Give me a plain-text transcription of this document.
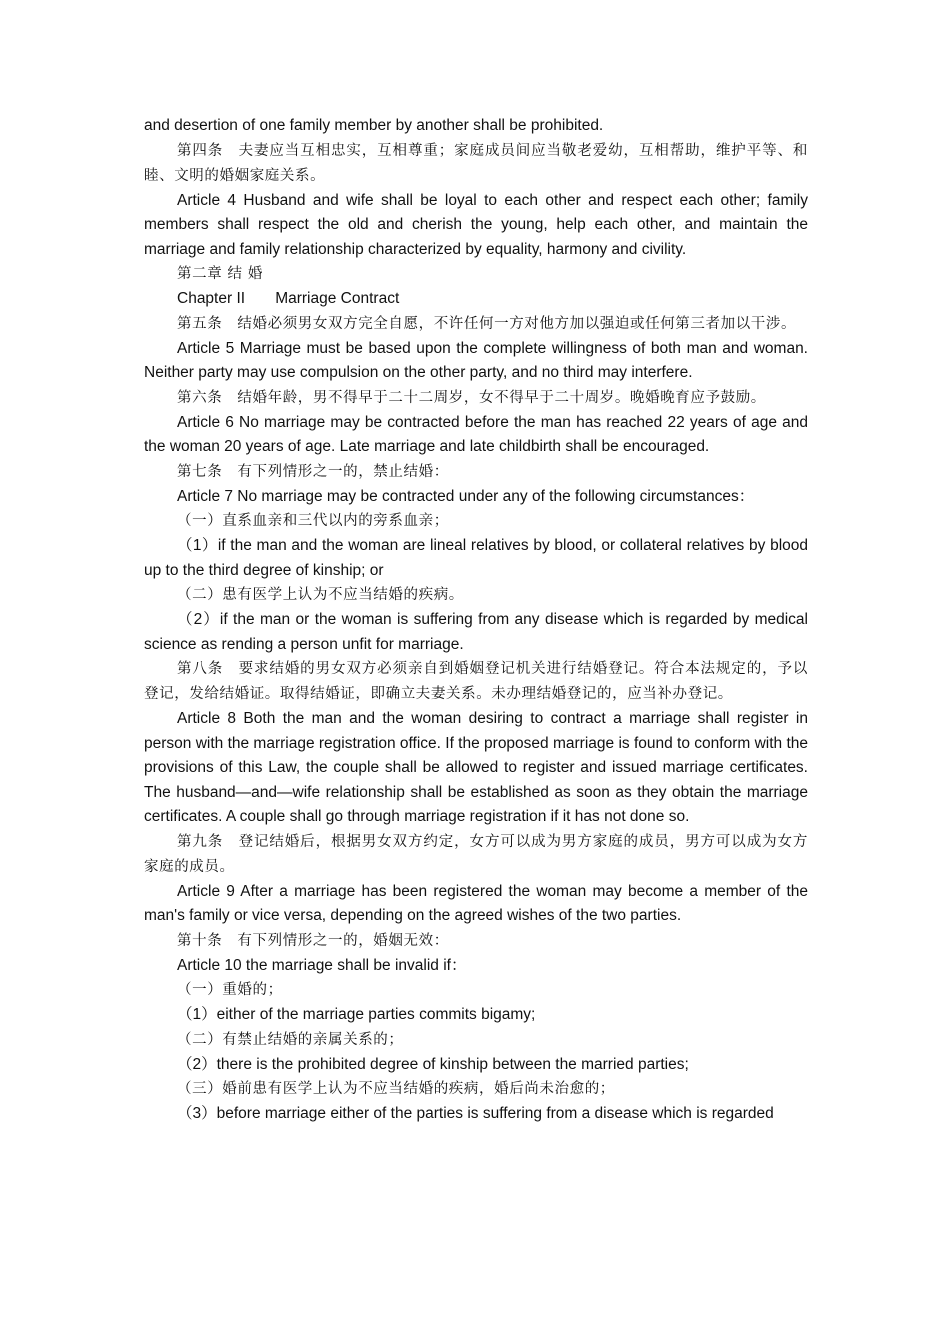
and desertion of one family member by another shall be prohibited.

第四条　夫妻应当互相忠实，互相尊重；家庭成员间应当敬老爱幼，互相帮助，维护平等、和睦、文明的婚姻家庭关系。

Article 4 Husband and wife shall be loyal to each other and respect each other; family members shall respect the old and cherish the young, help each other, and maintain the marriage and family relationship characterized by equality, harmony and civility.

第二章 结 婚

Chapter II       Marriage Contract

第五条　结婚必须男女双方完全自愿，不许任何一方对他方加以强迫或任何第三者加以干涉。

Article 5 Marriage must be based upon the complete willingness of both man and woman. Neither party may use compulsion on the other party, and no third may interfere.

第六条　结婚年龄，男不得早于二十二周岁，女不得早于二十周岁。晚婚晚育应予鼓励。

Article 6 No marriage may be contracted before the man has reached 22 years of age and the woman 20 years of age. Late marriage and late childbirth shall be encouraged.

第七条　有下列情形之一的，禁止结婚：

Article 7 No marriage may be contracted under any of the following circumstances：

（一）直系血亲和三代以内的旁系血亲；

（1）if the man and the woman are lineal relatives by blood, or collateral relatives by blood up to the third degree of kinship; or

（二）患有医学上认为不应当结婚的疾病。

（2）if the man or the woman is suffering from any disease which is regarded by medical science as rending a person unfit for marriage.

第八条　要求结婚的男女双方必须亲自到婚姻登记机关进行结婚登记。符合本法规定的，予以登记，发给结婚证。取得结婚证，即确立夫妻关系。未办理结婚登记的，应当补办登记。

Article 8 Both the man and the woman desiring to contract a marriage shall register in person with the marriage registration office. If the proposed marriage is found to conform with the provisions of this Law, the couple shall be allowed to register and issued marriage certificates. The husband—and—wife relationship shall be established as soon as they obtain the marriage certificates. A couple shall go through marriage registration if it has not done so.

第九条　登记结婚后，根据男女双方约定，女方可以成为男方家庭的成员，男方可以成为女方家庭的成员。

Article 9 After a marriage has been registered the woman may become a member of the man's family or vice versa, depending on the agreed wishes of the two parties.

第十条　有下列情形之一的，婚姻无效：

Article 10 the marriage shall be invalid if：

（一）重婚的；

（1）either of the marriage parties commits bigamy;

（二）有禁止结婚的亲属关系的；

（2）there is the prohibited degree of kinship between the married parties;

（三）婚前患有医学上认为不应当结婚的疾病，婚后尚未治愈的；

（3）before marriage either of the parties is suffering from a disease which is regarded
